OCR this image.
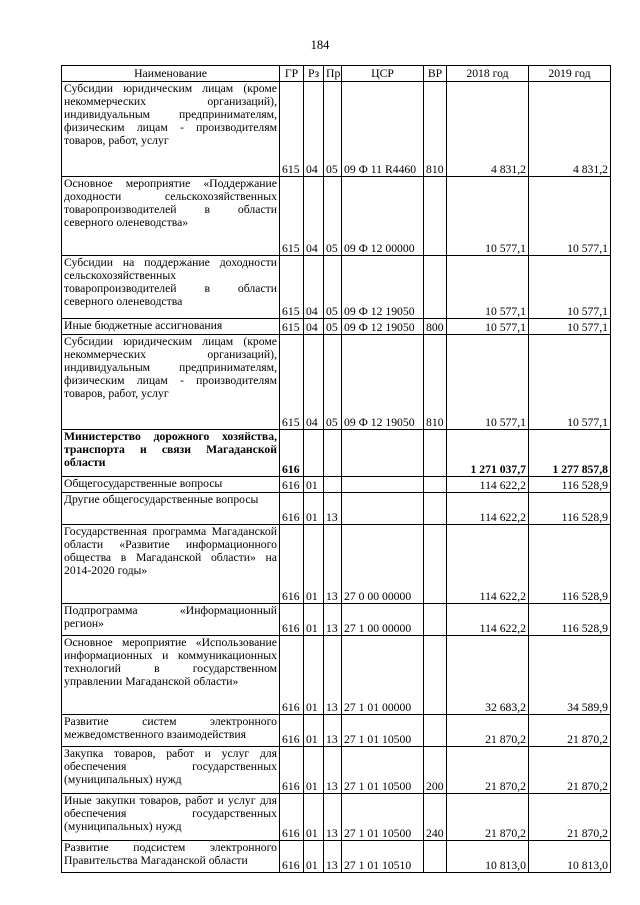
184
Наименование	ГР	Рз	Пр	ЦСР	ВР	2018 год	2019 год
Субсидии юридическим лицам (кроме некоммерческих организаций), индивидуальным предпринимателям, физическим лицам - производителям товаров, работ, услуг	615	04	05	09 Ф 11 R4460	810	4 831,2	4 831,2
Основное мероприятие «Поддержание доходности сельскохозяйственных товаропроизводителей в области северного оленеводства»	615	04	05	09 Ф 12 00000		10 577,1	10 577,1
Субсидии на поддержание доходности сельскохозяйственных товаропроизводителей в области северного оленеводства	615	04	05	09 Ф 12 19050		10 577,1	10 577,1
Иные бюджетные ассигнования	615	04	05	09 Ф 12 19050	800	10 577,1	10 577,1
Субсидии юридическим лицам (кроме некоммерческих организаций), индивидуальным предпринимателям, физическим лицам - производителям товаров, работ, услуг	615	04	05	09 Ф 12 19050	810	10 577,1	10 577,1
Министерство дорожного хозяйства, транспорта и связи Магаданской области	616					1 271 037,7	1 277 857,8
Общегосударственные вопросы	616	01				114 622,2	116 528,9
Другие общегосударственные вопросы	616	01	13			114 622,2	116 528,9
Государственная программа Магаданской области «Развитие информационного общества в Магаданской области» на 2014-2020 годы»	616	01	13	27 0 00 00000		114 622,2	116 528,9
Подпрограмма «Информационный регион»	616	01	13	27 1 00 00000		114 622,2	116 528,9
Основное мероприятие «Использование информационных и коммуникационных технологий в государственном управлении Магаданской области»	616	01	13	27 1 01 00000		32 683,2	34 589,9
Развитие систем электронного межведомственного взаимодействия	616	01	13	27 1 01 10500		21 870,2	21 870,2
Закупка товаров, работ и услуг для обеспечения государственных (муниципальных) нужд	616	01	13	27 1 01 10500	200	21 870,2	21 870,2
Иные закупки товаров, работ и услуг для обеспечения государственных (муниципальных) нужд	616	01	13	27 1 01 10500	240	21 870,2	21 870,2
Развитие подсистем электронного Правительства Магаданской области	616	01	13	27 1 01 10510		10 813,0	10 813,0
